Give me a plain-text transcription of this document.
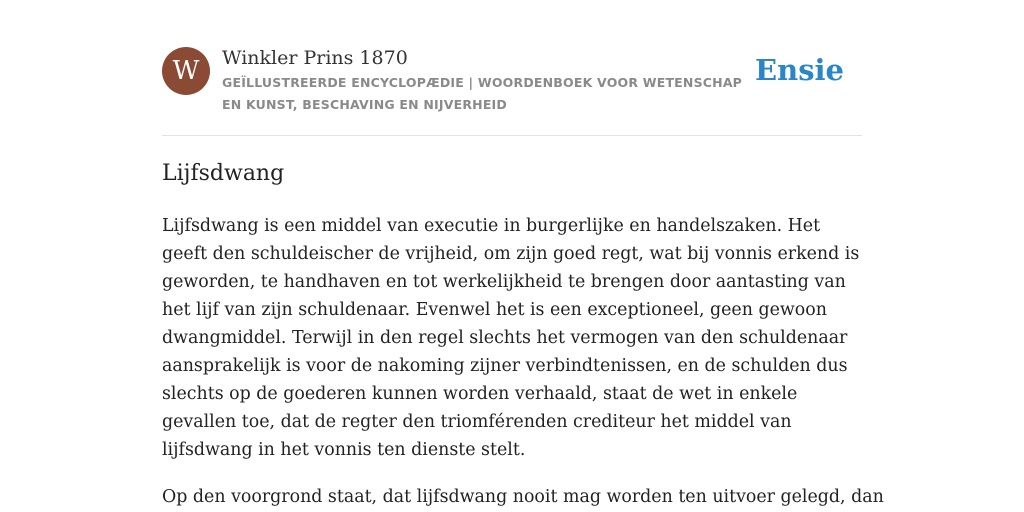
W	Winkler Prins 1870
GEÏLLUSTREERDE ENCYCLOPÆDIE | WOORDENBOEK VOOR WETENSCHAP EN KUNST, BESCHAVING EN NIJVERHEID
Ensie
Lijfsdwang

Lijfsdwang is een middel van executie in burgerlijke en handelszaken. Het geeft den schuldeischer de vrijheid, om zijn goed regt, wat bij vonnis erkend is geworden, te handhaven en tot werkelijkheid te brengen door aantasting van het lijf van zijn schuldenaar. Evenwel het is een exceptioneel, geen gewoon dwangmiddel. Terwijl in den regel slechts het vermogen van den schuldenaar aansprakelijk is voor de nakoming zijner verbindtenissen, en de schulden dus slechts op de goederen kunnen worden verhaald, staat de wet in enkele gevallen toe, dat de regter den triomférenden crediteur het middel van lijfsdwang in het vonnis ten dienste stelt.

Op den voorgrond staat, dat lijfsdwang nooit mag worden ten uitvoer gelegd, dan
